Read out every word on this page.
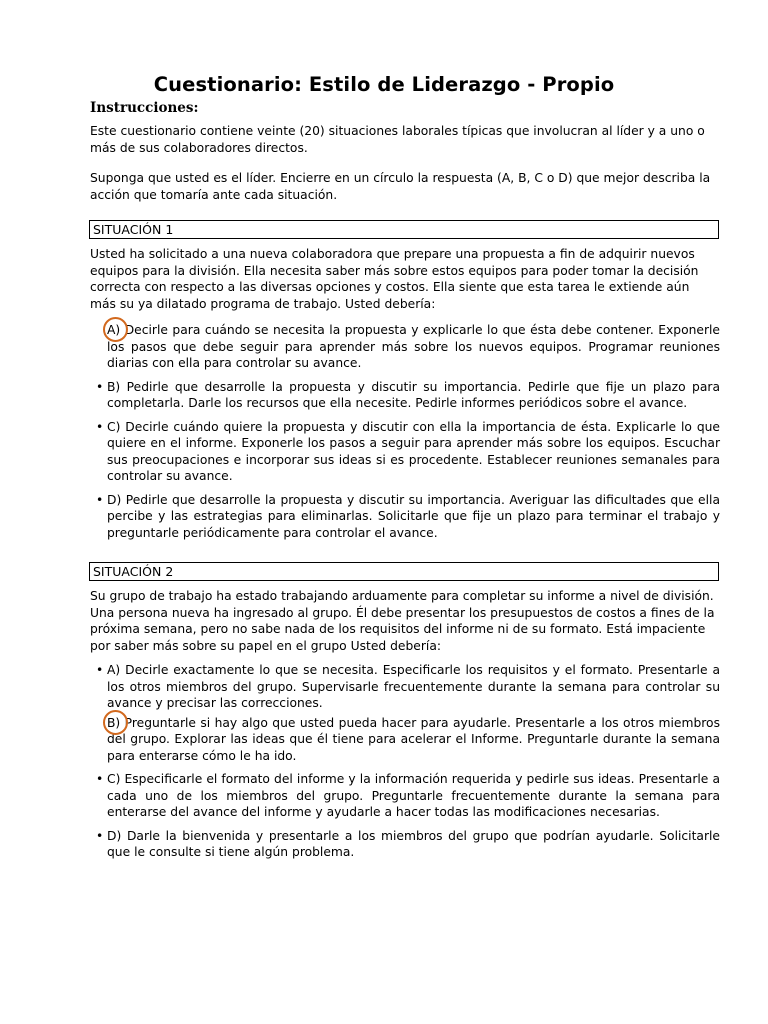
Cuestionario: Estilo de Liderazgo - Propio

Instrucciones:

Este cuestionario contiene veinte (20) situaciones laborales típicas que involucran al líder y a uno o más de sus colaboradores directos.

Suponga que usted es el líder. Encierre en un círculo la respuesta (A, B, C o D) que mejor describa la acción que tomaría ante cada situación.

SITUACIÓN 1

Usted ha solicitado a una nueva colaboradora que prepare una propuesta a fin de adquirir nuevos equipos para la división. Ella necesita saber más sobre estos equipos para poder tomar la decisión correcta con respecto a las diversas opciones y costos. Ella siente que esta tarea le extiende aún más su ya dilatado programa de trabajo. Usted debería:

A) Decirle para cuándo se necesita la propuesta y explicarle lo que ésta debe contener. Exponerle los pasos que debe seguir para aprender más sobre los nuevos equipos. Programar reuniones diarias con ella para controlar su avance.
• B) Pedirle que desarrolle la propuesta y discutir su importancia. Pedirle que fije un plazo para completarla. Darle los recursos que ella necesite. Pedirle informes periódicos sobre el avance.
• C) Decirle cuándo quiere la propuesta y discutir con ella la importancia de ésta. Explicarle lo que quiere en el informe. Exponerle los pasos a seguir para aprender más sobre los equipos. Escuchar sus preocupaciones e incorporar sus ideas si es procedente. Establecer reuniones semanales para controlar su avance.
• D) Pedirle que desarrolle la propuesta y discutir su importancia. Averiguar las dificultades que ella percibe y las estrategias para eliminarlas. Solicitarle que fije un plazo para terminar el trabajo y preguntarle periódicamente para controlar el avance.
SITUACIÓN 2

Su grupo de trabajo ha estado trabajando arduamente para completar su informe a nivel de división. Una persona nueva ha ingresado al grupo. Él debe presentar los presupuestos de costos a fines de la próxima semana, pero no sabe nada de los requisitos del informe ni de su formato. Está impaciente por saber más sobre su papel en el grupo Usted debería:

• A) Decirle exactamente lo que se necesita. Especificarle los requisitos y el formato. Presentarle a los otros miembros del grupo. Supervisarle frecuentemente durante la semana para controlar su avance y precisar las correcciones.
B) Preguntarle si hay algo que usted pueda hacer para ayudarle. Presentarle a los otros miembros del grupo. Explorar las ideas que él tiene para acelerar el Informe. Preguntarle durante la semana para enterarse cómo le ha ido.
• C) Especificarle el formato del informe y la información requerida y pedirle sus ideas. Presentarle a cada uno de los miembros del grupo. Preguntarle frecuentemente durante la semana para enterarse del avance del informe y ayudarle a hacer todas las modificaciones necesarias.
• D) Darle la bienvenida y presentarle a los miembros del grupo que podrían ayudarle. Solicitarle que le consulte si tiene algún problema.
